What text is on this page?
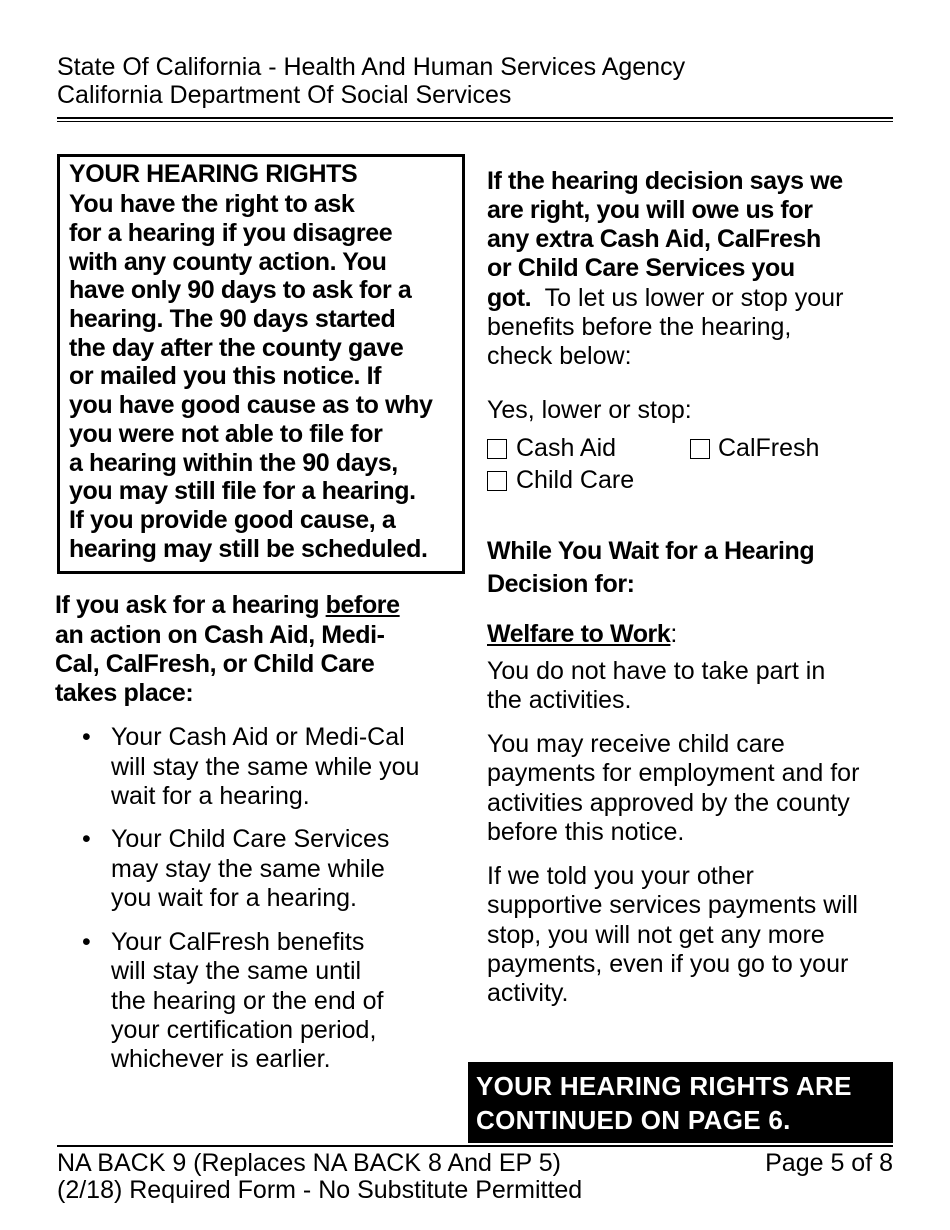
State Of California - Health And Human Services Agency
California Department Of Social Services
YOUR HEARING RIGHTS
You have the right to ask
for a hearing if you disagree
with any county action. You
have only 90 days to ask for a
hearing. The 90 days started
the day after the county gave
or mailed you this notice. If
you have good cause as to why
you were not able to file for
a hearing within the 90 days,
you may still file for a hearing.
If you provide good cause, a
hearing may still be scheduled.
If you ask for a hearing before
an action on Cash Aid, Medi-
Cal, CalFresh, or Child Care
takes place:
• Your Cash Aid or Medi-Cal
will stay the same while you
wait for a hearing.
• Your Child Care Services
may stay the same while
you wait for a hearing.
• Your CalFresh benefits
will stay the same until
the hearing or the end of
your certification period,
whichever is earlier.
If the hearing decision says we
are right, you will owe us for
any extra Cash Aid, CalFresh
or Child Care Services you
got.  To let us lower or stop your
benefits before the hearing,
check below:
Yes, lower or stop:
Cash Aid	CalFresh
Child Care
While You Wait for a Hearing
Decision for:
Welfare to Work:
You do not have to take part in
the activities.
You may receive child care
payments for employment and for
activities approved by the county
before this notice.
If we told you your other
supportive services payments will
stop, you will not get any more
payments, even if you go to your
activity.
YOUR HEARING RIGHTS ARE
CONTINUED ON PAGE 6.
NA BACK 9 (Replaces NA BACK 8 And EP 5)	Page 5 of 8
(2/18) Required Form - No Substitute Permitted
